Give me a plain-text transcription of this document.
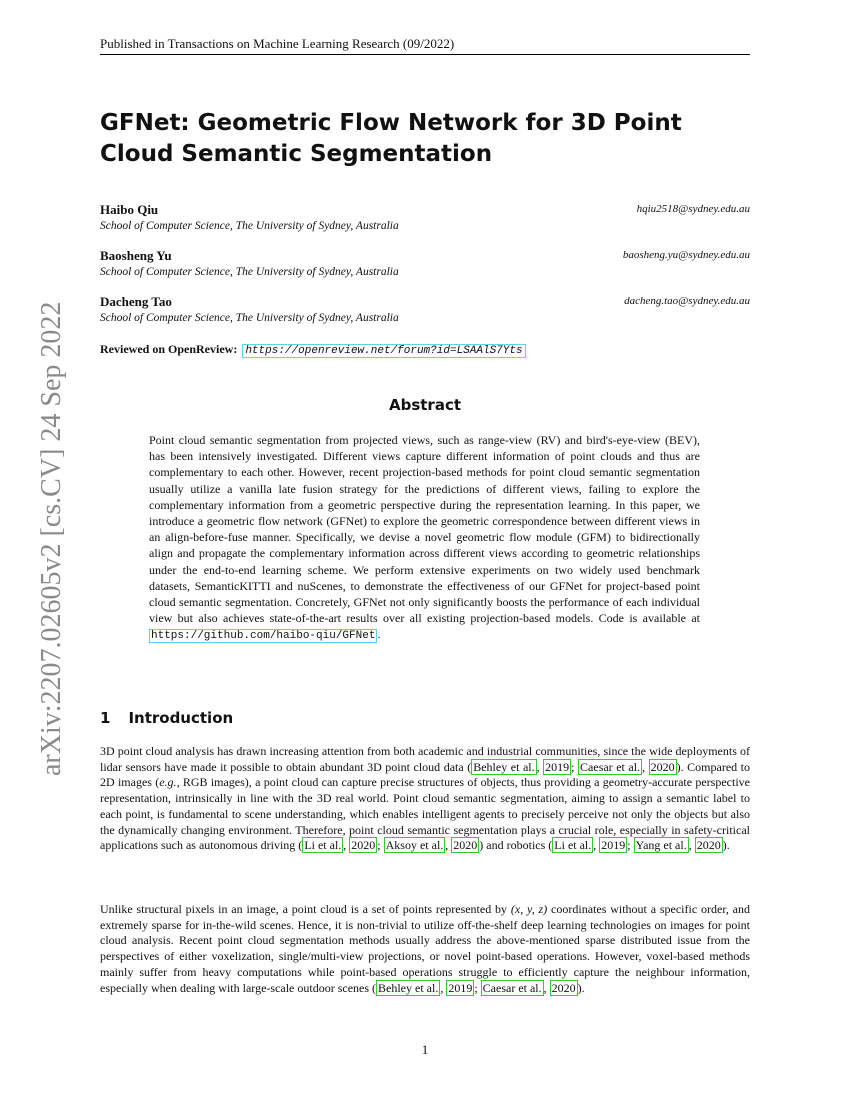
Published in Transactions on Machine Learning Research (09/2022)
arXiv:2207.02605v2 [cs.CV] 24 Sep 2022
GFNet: Geometric Flow Network for 3D Point Cloud Semantic Segmentation
Haibo Qiu	hqiu2518@sydney.edu.au
School of Computer Science, The University of Sydney, Australia
Baosheng Yu	baosheng.yu@sydney.edu.au
School of Computer Science, The University of Sydney, Australia
Dacheng Tao	dacheng.tao@sydney.edu.au
School of Computer Science, The University of Sydney, Australia
Reviewed on OpenReview: https://openreview.net/forum?id=LSAAlS7Yts
Abstract
Point cloud semantic segmentation from projected views, such as range-view (RV) and bird's-eye-view (BEV), has been intensively investigated. Different views capture different information of point clouds and thus are complementary to each other. However, recent projection-based methods for point cloud semantic segmentation usually utilize a vanilla late fusion strategy for the predictions of different views, failing to explore the complementary information from a geometric perspective during the representation learning. In this paper, we introduce a geometric flow network (GFNet) to explore the geometric correspondence between different views in an align-before-fuse manner. Specifically, we devise a novel geometric flow module (GFM) to bidirectionally align and propagate the complementary information across different views according to geometric relationships under the end-to-end learning scheme. We perform extensive experiments on two widely used benchmark datasets, SemanticKITTI and nuScenes, to demonstrate the effectiveness of our GFNet for project-based point cloud semantic segmentation. Concretely, GFNet not only significantly boosts the performance of each individual view but also achieves state-of-the-art results over all existing projection-based models. Code is available at https://github.com/haibo-qiu/GFNet .
1 Introduction
3D point cloud analysis has drawn increasing attention from both academic and industrial communities, since the wide deployments of lidar sensors have made it possible to obtain abundant 3D point cloud data ( Behley et al. , 2019 ; Caesar et al. , 2020 ). Compared to 2D images (e.g., RGB images), a point cloud can capture precise structures of objects, thus providing a geometry-accurate perspective representation, intrinsically in line with the 3D real world. Point cloud semantic segmentation, aiming to assign a semantic label to each point, is fundamental to scene understanding, which enables intelligent agents to precisely perceive not only the objects but also the dynamically changing environment. Therefore, point cloud semantic segmentation plays a crucial role, especially in safety-critical applications such as autonomous driving ( Li et al. , 2020 ; Aksoy et al. , 2020 ) and robotics ( Li et al. , 2019 ; Yang et al. , 2020 ).
Unlike structural pixels in an image, a point cloud is a set of points represented by (x, y, z) coordinates without a specific order, and extremely sparse for in-the-wild scenes. Hence, it is non-trivial to utilize off-the-shelf deep learning technologies on images for point cloud analysis. Recent point cloud segmentation methods usually address the above-mentioned sparse distributed issue from the perspectives of either voxelization, single/multi-view projections, or novel point-based operations. However, voxel-based methods mainly suffer from heavy computations while point-based operations struggle to efficiently capture the neighbour information, especially when dealing with large-scale outdoor scenes ( Behley et al. , 2019 ; Caesar et al. , 2020 ).
1
